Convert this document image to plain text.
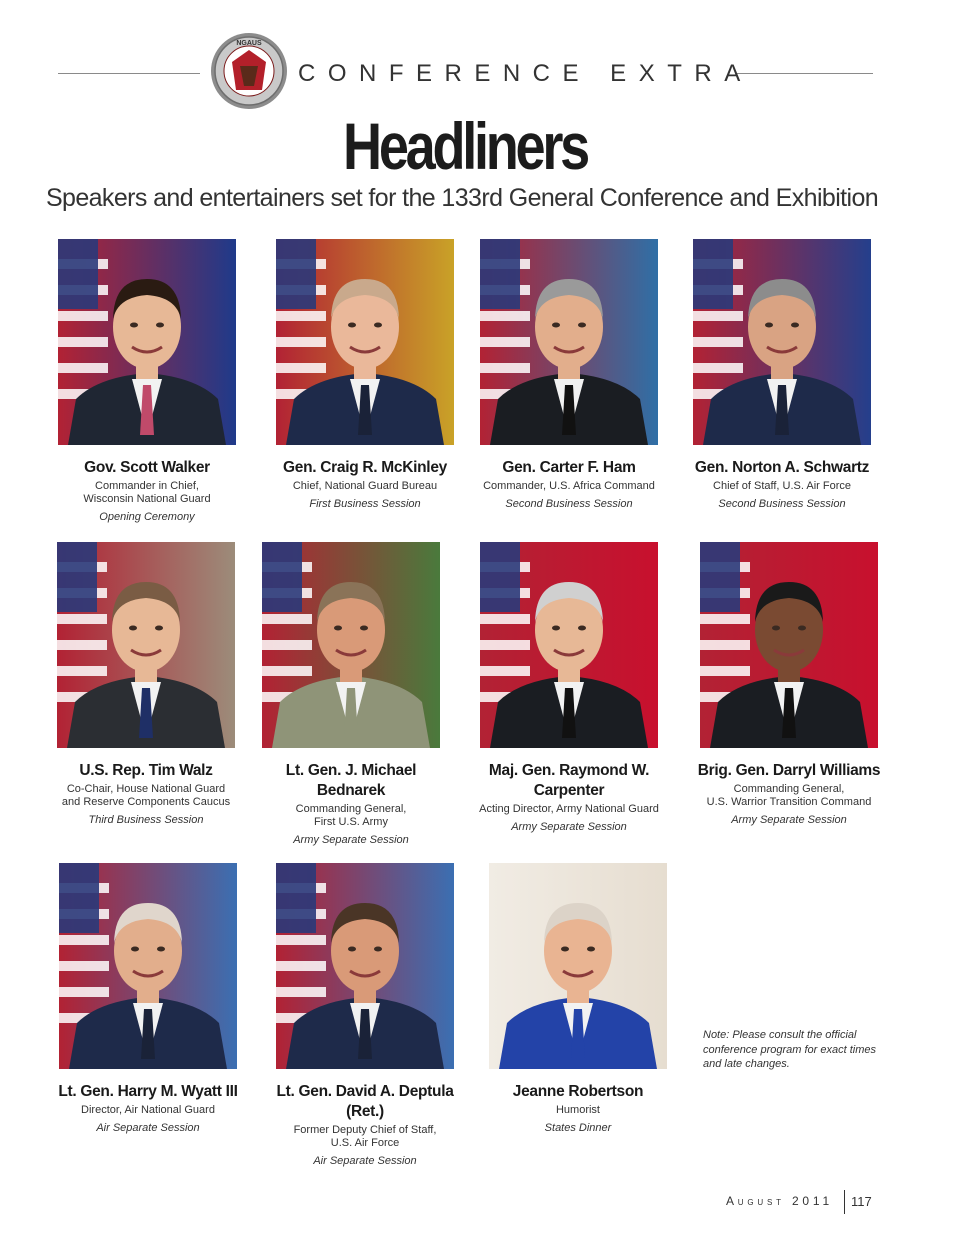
NGAUS
CONFERENCE EXTRA
Headliners
Speakers and entertainers set for the 133rd General Conference and Exhibition
Gov. Scott Walker
Commander in Chief,
Wisconsin National Guard
Opening Ceremony
Gen. Craig R. McKinley
Chief, National Guard Bureau
First Business Session
Gen. Carter F. Ham
Commander, U.S. Africa Command
Second Business Session
Gen. Norton A. Schwartz
Chief of Staff, U.S. Air Force
Second Business Session
U.S. Rep. Tim Walz
Co-Chair, House National Guard
and Reserve Components Caucus
Third Business Session
Lt. Gen. J. Michael Bednarek
Commanding General,
First U.S. Army
Army Separate Session
Maj. Gen. Raymond W. Carpenter
Acting Director, Army National Guard
Army Separate Session
Brig. Gen. Darryl Williams
Commanding General,
U.S. Warrior Transition Command
Army Separate Session
Lt. Gen. Harry M. Wyatt III
Director, Air National Guard
Air Separate Session
Lt. Gen. David A. Deptula (Ret.)
Former Deputy Chief of Staff,
U.S. Air Force
Air Separate Session
Jeanne Robertson
Humorist
States Dinner
Note: Please consult the official conference program for exact times and late changes.
August 2011 117
